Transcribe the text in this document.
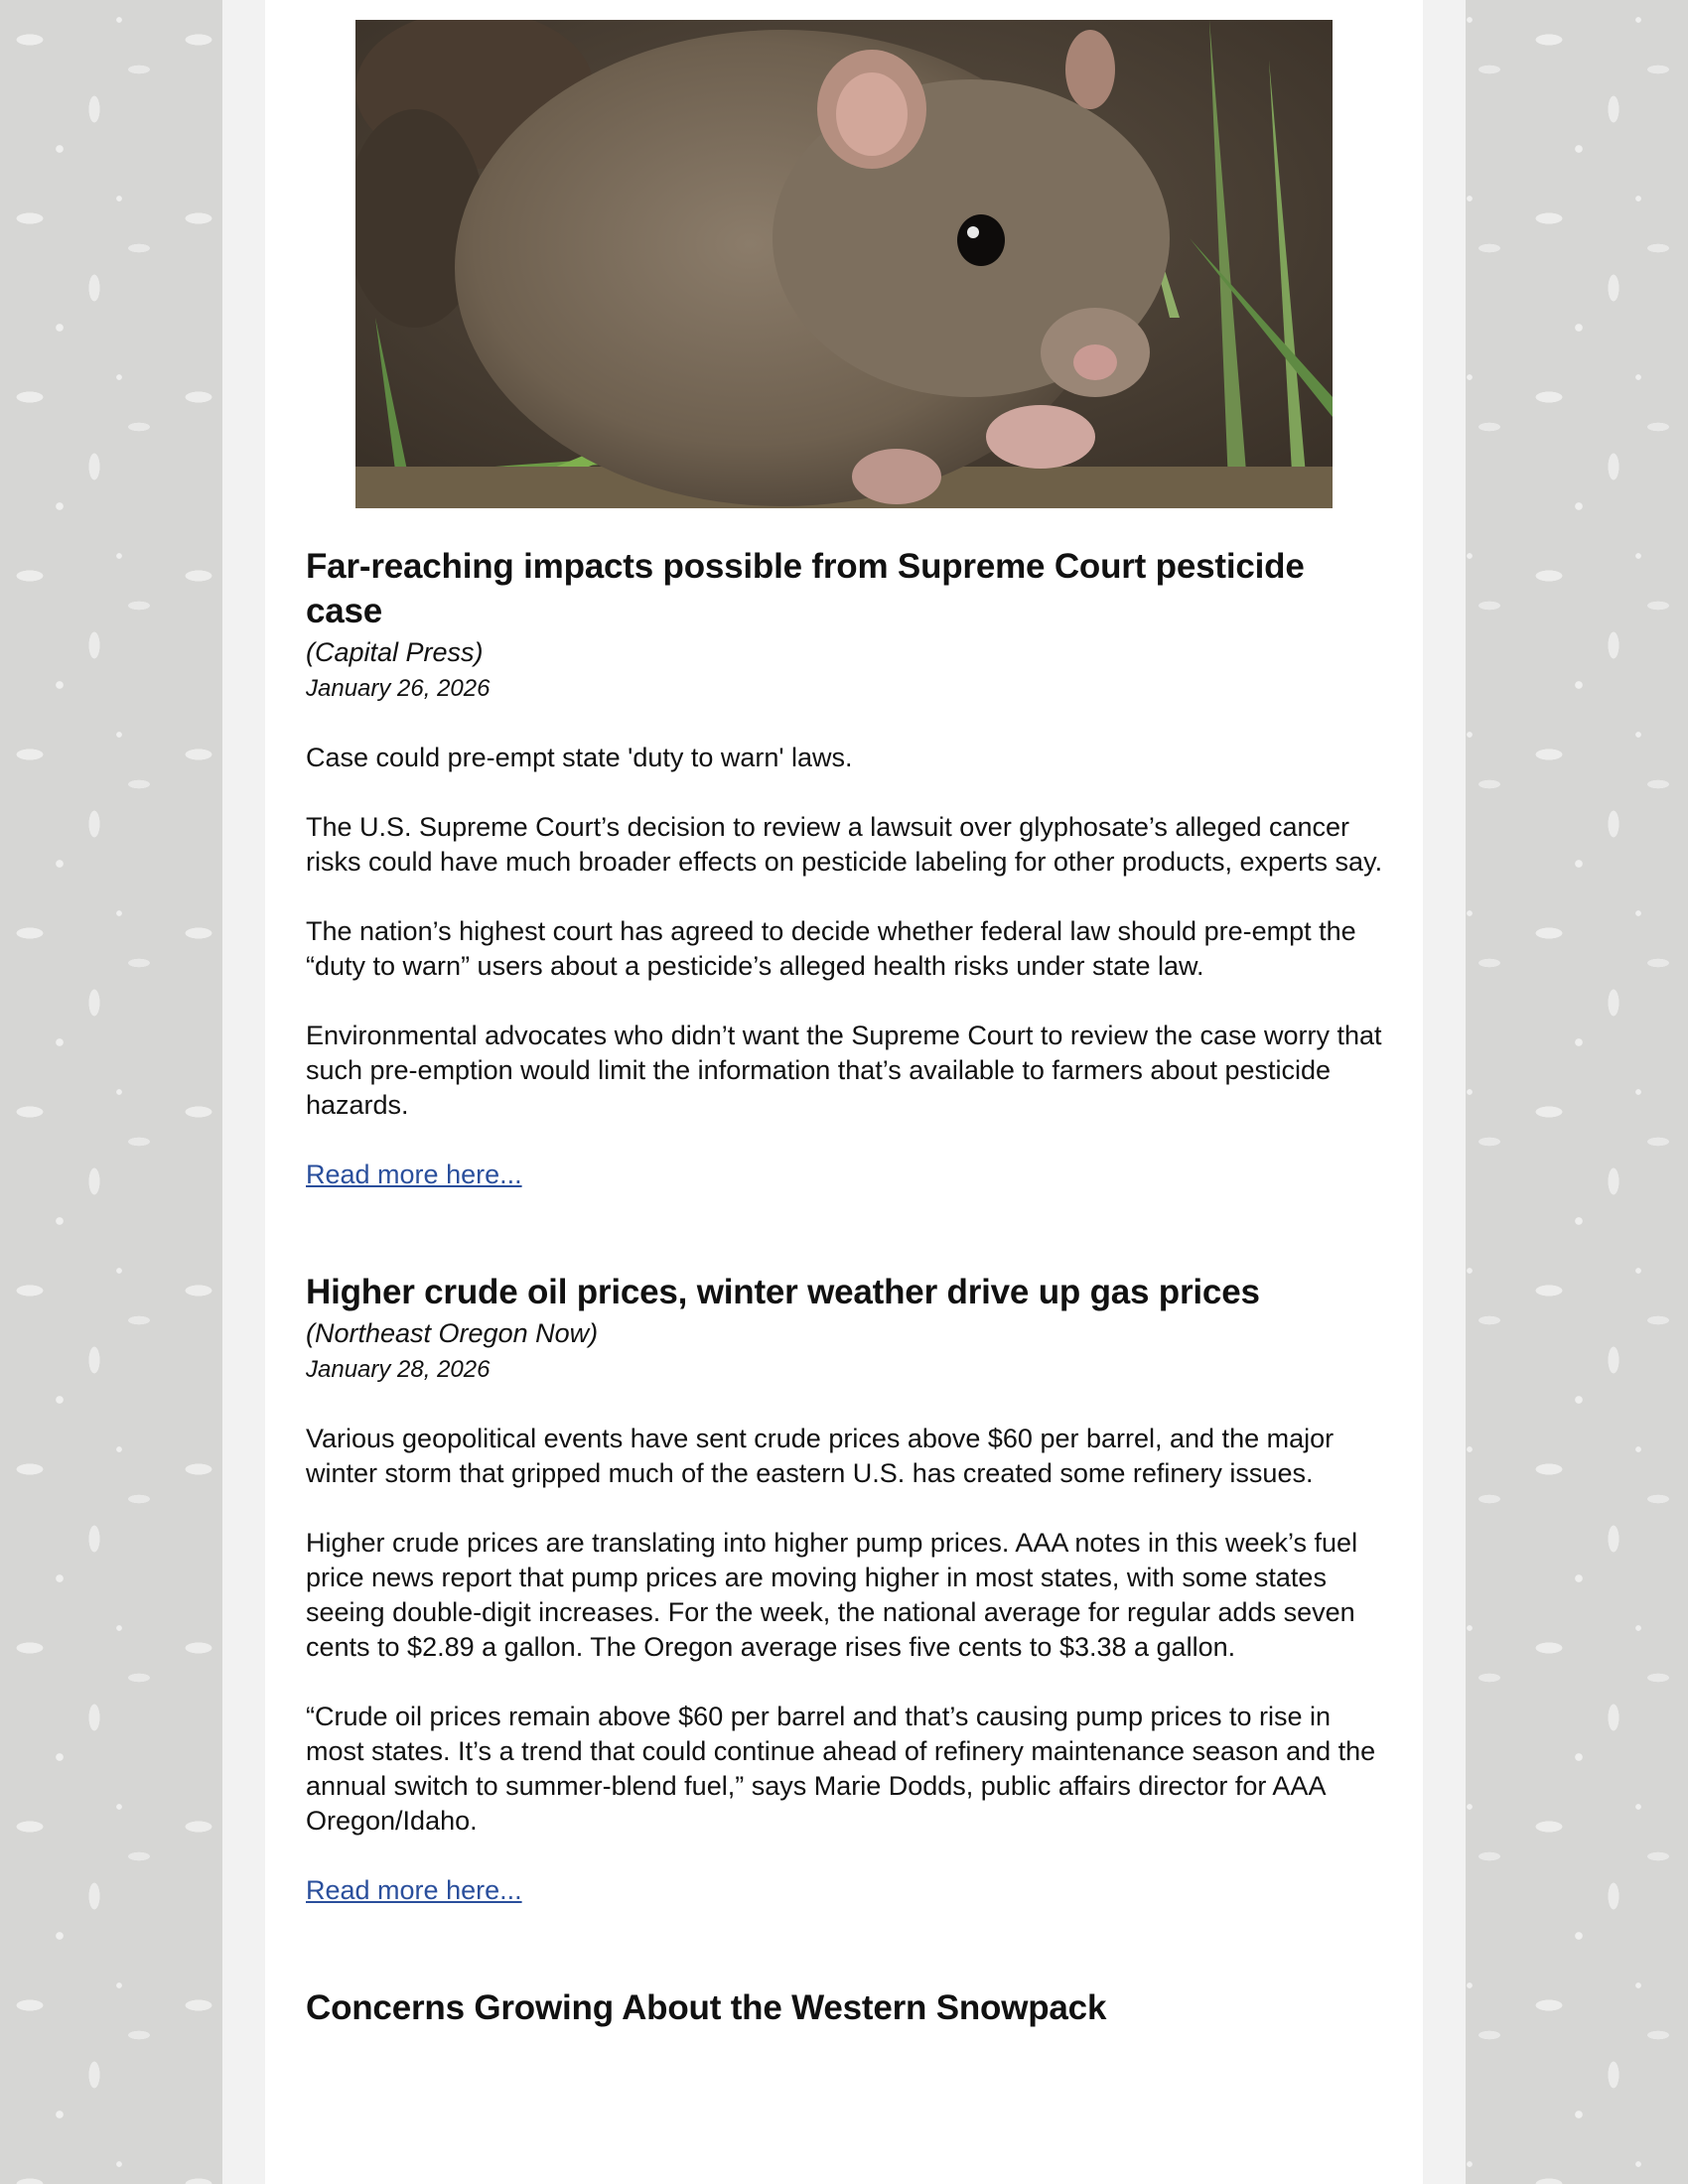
Far-reaching impacts possible from Supreme Court pesticide case

(Capital Press)

January 26, 2026

Case could pre-empt state 'duty to warn' laws.

The U.S. Supreme Court’s decision to review a lawsuit over glyphosate’s alleged cancer risks could have much broader effects on pesticide labeling for other products, experts say.

The nation’s highest court has agreed to decide whether federal law should pre-empt the “duty to warn” users about a pesticide’s alleged health risks under state law.

Environmental advocates who didn’t want the Supreme Court to review the case worry that such pre-emption would limit the information that’s available to farmers about pesticide hazards.

Read more here...

Higher crude oil prices, winter weather drive up gas prices

(Northeast Oregon Now)

January 28, 2026

Various geopolitical events have sent crude prices above $60 per barrel, and the major winter storm that gripped much of the eastern U.S. has created some refinery issues.

Higher crude prices are translating into higher pump prices. AAA notes in this week’s fuel price news report that pump prices are moving higher in most states, with some states seeing double-digit increases. For the week, the national average for regular adds seven cents to $2.89 a gallon. The Oregon average rises five cents to $3.38 a gallon.

“Crude oil prices remain above $60 per barrel and that’s causing pump prices to rise in most states. It’s a trend that could continue ahead of refinery maintenance season and the annual switch to summer-blend fuel,” says Marie Dodds, public affairs director for AAA Oregon/Idaho.

Read more here...

Concerns Growing About the Western Snowpack
